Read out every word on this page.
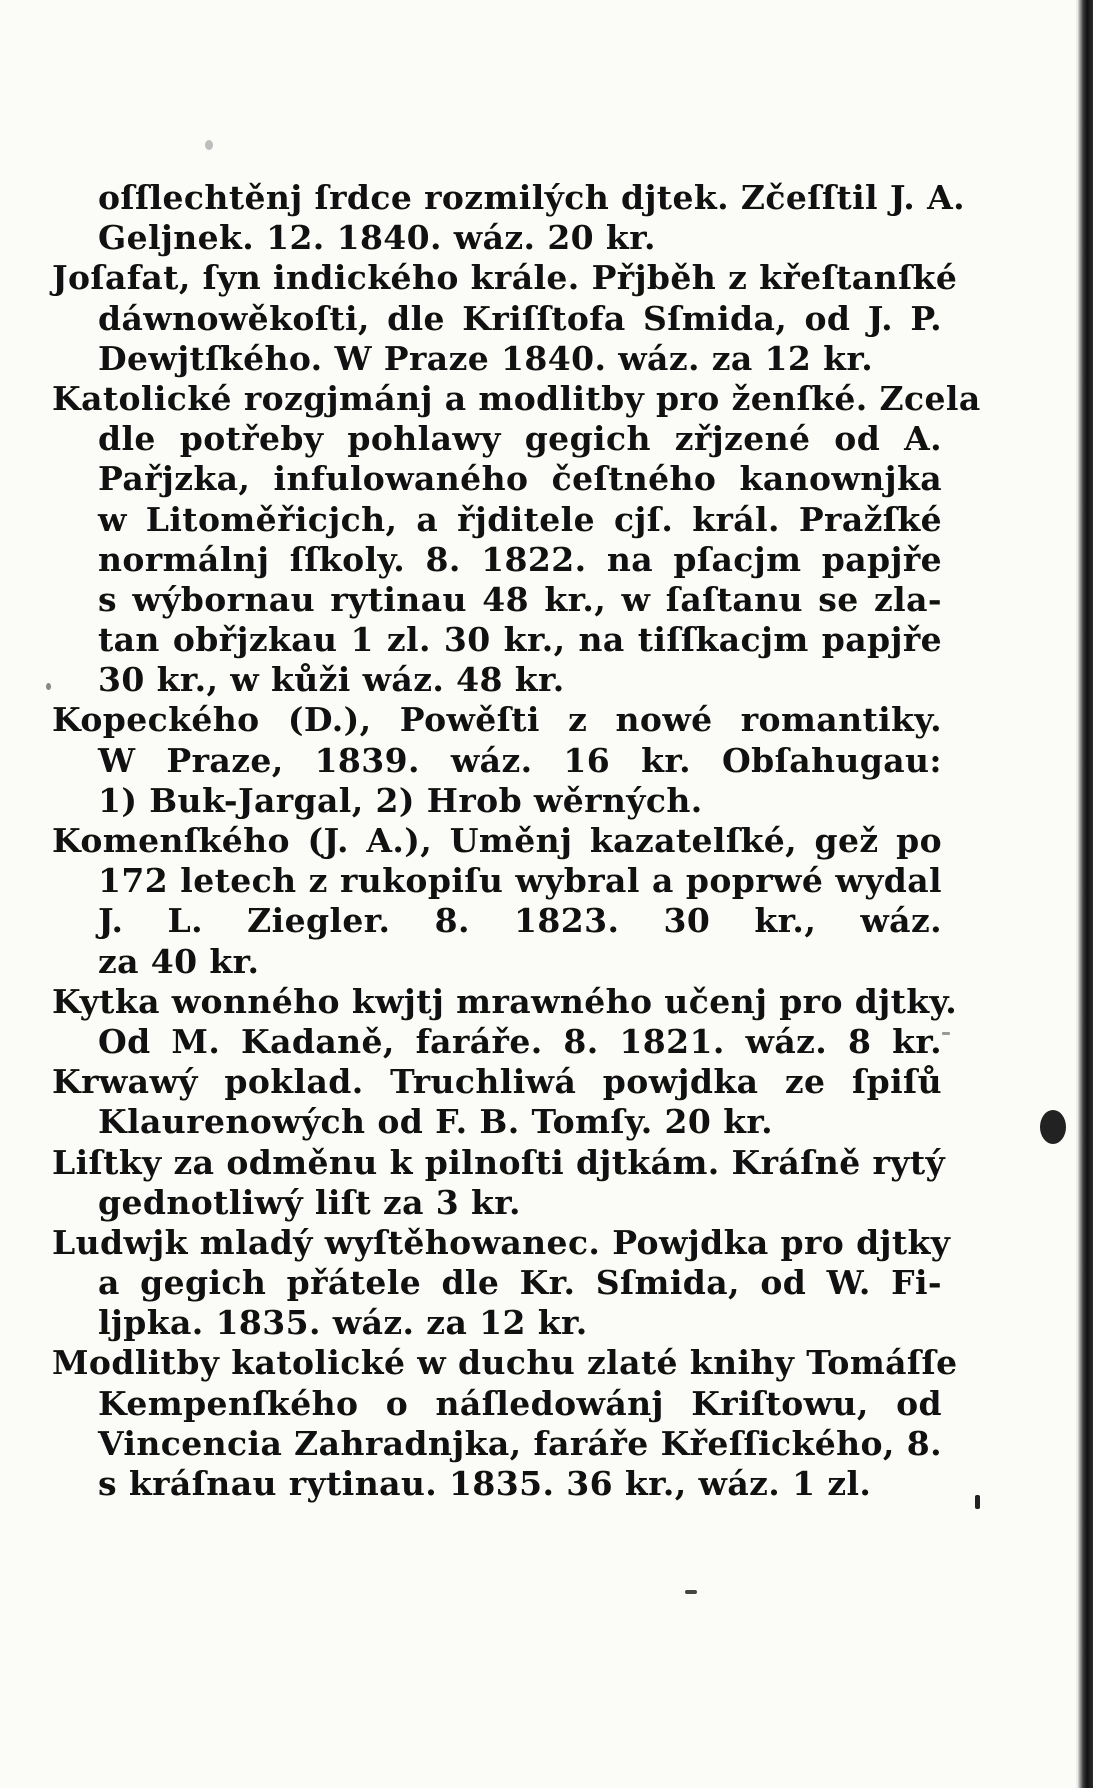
oſſlechtěnj ſrdce rozmilých djtek. Zčeſſtil J. A.
Geljnek. 12. 1840. wáz. 20 kr.
Joſafat, ſyn indického krále. Přjběh z křeſtanſké
dáwnowěkoſti, dle Kriſſtofa Sſmida, od J. P.
Dewjtſkého. W Praze 1840. wáz. za 12 kr.
Katolické rozgjmánj a modlitby pro ženſké. Zcela
dle potřeby pohlawy gegich zřjzené od A.
Pařjzka, infulowaného čeſtného kanownjka
w Litoměřicjch, a řjditele cjſ. král. Pražſké
normálnj ſſkoly. 8. 1822. na pſacjm papjře
s wýbornau rytinau 48 kr., w ſaſtanu se zla-
tan obřjzkau 1 zl. 30 kr., na tiſſkacjm papjře
30 kr., w kůži wáz. 48 kr.
Kopeckého (D.), Powěſti z nowé romantiky.
W Praze, 1839. wáz. 16 kr. Obſahugau:
1) Buk-Jargal, 2) Hrob wěrných.
Komenſkého (J. A.), Uměnj kazatelſké, gež po
172 letech z rukopiſu wybral a poprwé wydal
J. L. Ziegler. 8. 1823. 30 kr., wáz.
za 40 kr.
Kytka wonného kwjtj mrawného učenj pro djtky.
Od M. Kadaně, faráře. 8. 1821. wáz. 8 kr.
Krwawý poklad. Truchliwá powjdka ze ſpiſů
Klaurenowých od F. B. Tomſy. 20 kr.
Liſtky za odměnu k pilnoſti djtkám. Kráſně rytý
gednotliwý liſt za 3 kr.
Ludwjk mladý wyſtěhowanec. Powjdka pro djtky
a gegich přátele dle Kr. Sſmida, od W. Fi-
ljpka. 1835. wáz. za 12 kr.
Modlitby katolické w duchu zlaté knihy Tomáſſe
Kempenſkého o náſledowánj Kriſtowu, od
Vincencia Zahradnjka, faráře Křeſſického, 8.
s kráſnau rytinau. 1835. 36 kr., wáz. 1 zl.
